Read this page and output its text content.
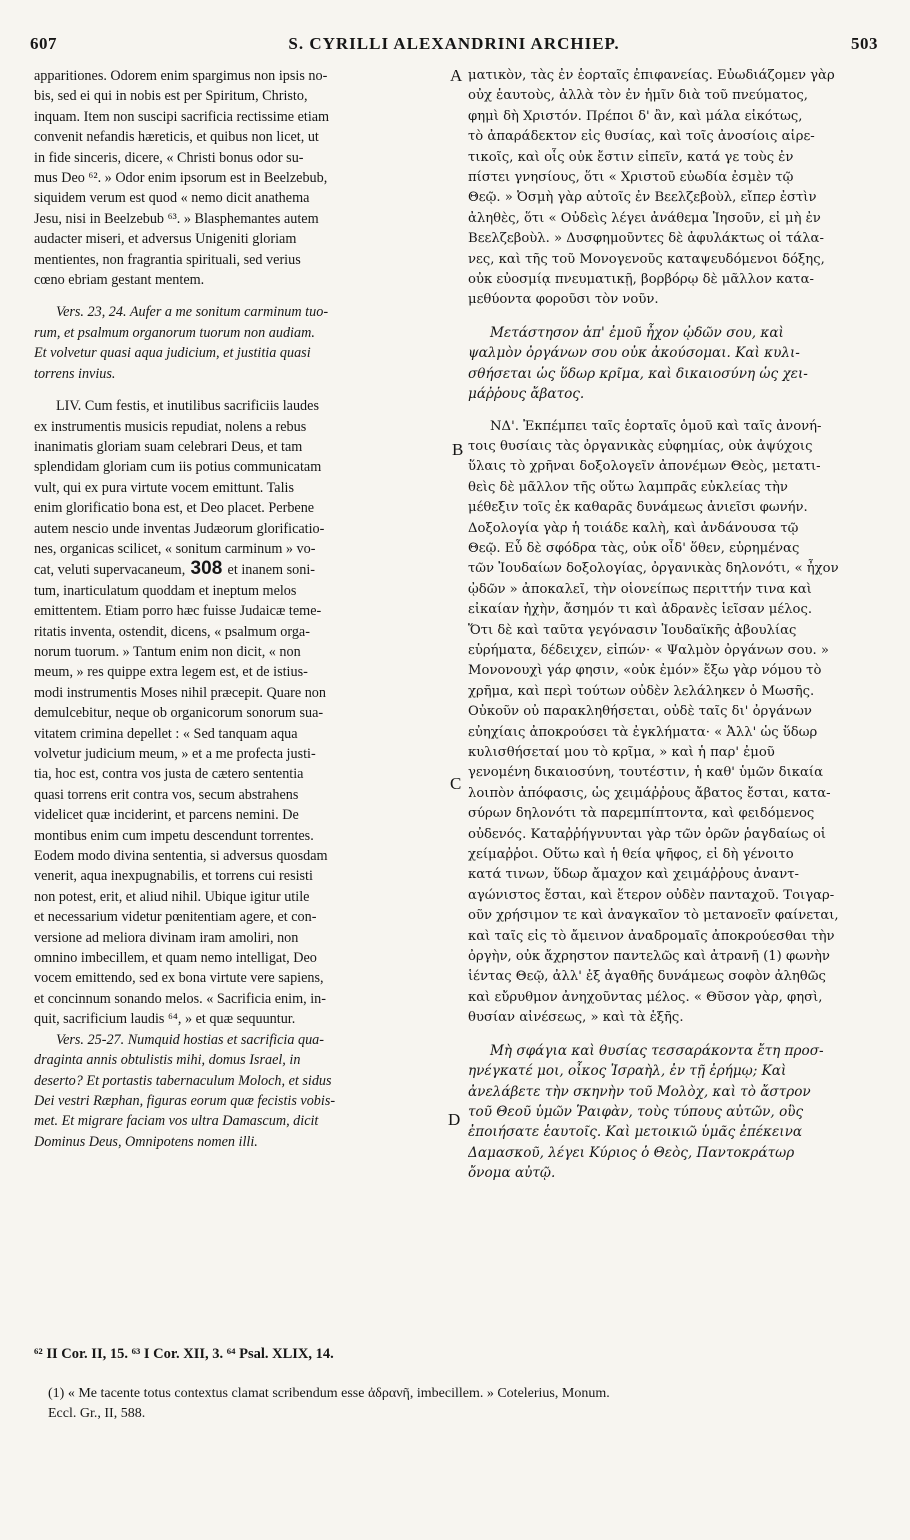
607	S. CYRILLI ALEXANDRINI ARCHIEP.	503
apparitiones. Odorem enim spargimus non ipsis no-
bis, sed ei qui in nobis est per Spiritum, Christo,
inquam. Item non suscipi sacrificia rectissime etiam
convenit nefandis hæreticis, et quibus non licet, ut
in fide sinceris, dicere, « Christi bonus odor su-
mus Deo ⁶². » Odor enim ipsorum est in Beelzebub,
siquidem verum est quod « nemo dicit anathema
Jesu, nisi in Beelzebub ⁶³. » Blasphemantes autem
audacter miseri, et adversus Unigeniti gloriam
mentientes, non fragrantia spirituali, sed verius
cœno ebriam gestant mentem.
Vers. 23, 24. Aufer a me sonitum carminum tuo-
rum, et psalmum organorum tuorum non audiam.
Et volvetur quasi aqua judicium, et justitia quasi
torrens invius.
LIV. Cum festis, et inutilibus sacrificiis laudes
ex instrumentis musicis repudiat, nolens a rebus
inanimatis gloriam suam celebrari Deus, et tam
splendidam gloriam cum iis potius communicatam
vult, qui ex pura virtute vocem emittunt. Talis
enim glorificatio bona est, et Deo placet. Perbene
autem nescio unde inventas Judæorum glorificatio-
nes, organicas scilicet, « sonitum carminum » vo-
cat, veluti supervacaneum, 308 et inanem soni-
tum, inarticulatum quoddam et ineptum melos
emittentem. Etiam porro hæc fuisse Judaicæ teme-
ritatis inventa, ostendit, dicens, « psalmum orga-
norum tuorum. » Tantum enim non dicit, « non
meum, » res quippe extra legem est, et de istius-
modi instrumentis Moses nihil præcepit. Quare non
demulcebitur, neque ob organicorum sonorum sua-
vitatem crimina depellet : « Sed tanquam aqua
volvetur judicium meum, » et a me profecta justi-
tia, hoc est, contra vos justa de cætero sententia
quasi torrens erit contra vos, secum abstrahens
videlicet quæ inciderint, et parcens nemini. De
montibus enim cum impetu descendunt torrentes.
Eodem modo divina sententia, si adversus quosdam
venerit, aqua inexpugnabilis, et torrens cui resisti
non potest, erit, et aliud nihil. Ubique igitur utile
et necessarium videtur pœnitentiam agere, et con-
versione ad meliora divinam iram amoliri, non
omnino imbecillem, et quam nemo intelligat, Deo
vocem emittendo, sed ex bona virtute vere sapiens,
et concinnum sonando melos. « Sacrificia enim, in-
quit, sacrificium laudis ⁶⁴, » et quæ sequuntur.
Vers. 25-27. Numquid hostias et sacrificia qua-
draginta annis obtulistis mihi, domus Israel, in
deserto? Et portastis tabernaculum Moloch, et sidus
Dei vestri Ræphan, figuras eorum quæ fecistis vobis-
met. Et migrare faciam vos ultra Damascum, dicit
Dominus Deus, Omnipotens nomen illi.
ματικὸν, τὰς ἐν ἑορταῖς ἐπιφανείας. Εὐωδιάζομεν γὰρ
οὐχ ἑαυτοὺς, ἀλλὰ τὸν ἐν ἡμῖν διὰ τοῦ πνεύματος,
φημὶ δὴ Χριστόν. Πρέποι δ' ἂν, καὶ μάλα εἰκότως,
τὸ ἀπαράδεκτον εἰς θυσίας, καὶ τοῖς ἀνοσίοις αἱρε-
τικοῖς, καὶ οἷς οὐκ ἔστιν εἰπεῖν, κατά γε τοὺς ἐν
πίστει γνησίους, ὅτι « Χριστοῦ εὐωδία ἐσμὲν τῷ
Θεῷ. » Ὀσμὴ γὰρ αὐτοῖς ἐν Βεελζεβοὺλ, εἴπερ ἐστὶν
ἀληθὲς, ὅτι « Οὐδεὶς λέγει ἀνάθεμα Ἰησοῦν, εἰ μὴ ἐν
Βεελζεβοὺλ. » Δυσφημοῦντες δὲ ἀφυλάκτως οἱ τάλα-
νες, καὶ τῆς τοῦ Μονογενοῦς καταψευδόμενοι δόξης,
οὐκ εὐοσμίᾳ πνευματικῇ, βορβόρῳ δὲ μᾶλλον κατα-
μεθύοντα φοροῦσι τὸν νοῦν.
Μετάστησον ἀπ' ἐμοῦ ἦχον ᾠδῶν σου, καὶ
ψαλμὸν ὀργάνων σου οὐκ ἀκούσομαι. Καὶ κυλι-
σθήσεται ὡς ὕδωρ κρῖμα, καὶ δικαιοσύνη ὡς χει-
μάῤῥους ἄβατος.
ΝΔ'. Ἐκπέμπει ταῖς ἑορταῖς ὁμοῦ καὶ ταῖς ἀνονή-
τοις θυσίαις τὰς ὀργανικὰς εὐφημίας, οὐκ ἀψύχοις
ὕλαις τὸ χρῆναι δοξολογεῖν ἀπονέμων Θεὸς, μετατι-
θεὶς δὲ μᾶλλον τῆς οὕτω λαμπρᾶς εὐκλείας τὴν
μέθεξιν τοῖς ἐκ καθαρᾶς δυνάμεως ἀνιεῖσι φωνήν.
Δοξολογία γὰρ ἡ τοιάδε καλὴ, καὶ ἀνδάνουσα τῷ
Θεῷ. Εὖ δὲ σφόδρα τὰς, οὐκ οἶδ' ὅθεν, εὑρημένας
τῶν Ἰουδαίων δοξολογίας, ὀργανικὰς δηλονότι, « ἦχον
ᾠδῶν » ἀποκαλεῖ, τὴν οἱονείπως περιττήν τινα καὶ
εἰκαίαν ἠχὴν, ἄσημόν τι καὶ ἀδρανὲς ἱεῖσαν μέλος.
Ὅτι δὲ καὶ ταῦτα γεγόνασιν Ἰουδαϊκῆς ἀβουλίας
εὑρήματα, δέδειχεν, εἰπών· « Ψαλμὸν ὀργάνων σου. »
Μονονουχὶ γάρ φησιν, «οὐκ ἐμόν» ἔξω γὰρ νόμου τὸ
χρῆμα, καὶ περὶ τούτων οὐδὲν λελάληκεν ὁ Μωσῆς.
Οὐκοῦν οὐ παρακληθήσεται, οὐδὲ ταῖς δι' ὀργάνων
εὐηχίαις ἀποκρούσει τὰ ἐγκλήματα· « Ἀλλ' ὡς ὕδωρ
κυλισθήσεταί μου τὸ κρῖμα, » καὶ ἡ παρ' ἐμοῦ
γενομένη δικαιοσύνη, τουτέστιν, ἡ καθ' ὑμῶν δικαία
λοιπὸν ἀπόφασις, ὡς χειμάῤῥους ἄβατος ἔσται, κατα-
σύρων δηλονότι τὰ παρεμπίπτοντα, καὶ φειδόμενος
οὐδενός. Καταῤῥήγνυνται γὰρ τῶν ὀρῶν ῥαγδαίως οἱ
χείμαῤῥοι. Οὕτω καὶ ἡ θεία ψῆφος, εἰ δὴ γένοιτο
κατά τινων, ὕδωρ ἄμαχον καὶ χειμάῤῥους ἀναντ-
αγώνιστος ἔσται, καὶ ἕτερον οὐδὲν πανταχοῦ. Τοιγαρ-
οῦν χρήσιμον τε καὶ ἀναγκαῖον τὸ μετανοεῖν φαίνεται,
καὶ ταῖς εἰς τὸ ἄμεινον ἀναδρομαῖς ἀποκρούεσθαι τὴν
ὀργὴν, οὐκ ἄχρηστον παντελῶς καὶ ἀτρανῆ (1) φωνὴν
ἱέντας Θεῷ, ἀλλ' ἐξ ἀγαθῆς δυνάμεως σοφὸν ἀληθῶς
καὶ εὔρυθμον ἀνηχοῦντας μέλος. « Θῦσον γὰρ, φησὶ,
θυσίαν αἰνέσεως, » καὶ τὰ ἑξῆς.
Μὴ σφάγια καὶ θυσίας τεσσαράκοντα ἔτη προσ-
ηνέγκατέ μοι, οἶκος Ἰσραὴλ, ἐν τῇ ἐρήμῳ; Καὶ
ἀνελάβετε τὴν σκηνὴν τοῦ Μολὸχ, καὶ τὸ ἄστρον
τοῦ Θεοῦ ὑμῶν Ῥαιφὰν, τοὺς τύπους αὐτῶν, οὓς
ἐποιήσατε ἑαυτοῖς. Καὶ μετοικιῶ ὑμᾶς ἐπέκεινα
Δαμασκοῦ, λέγει Κύριος ὁ Θεὸς, Παντοκράτωρ
ὄνομα αὐτῷ.
A
B
C
D
⁶² II Cor. II, 15. ⁶³ I Cor. XII, 3. ⁶⁴ Psal. XLIX, 14.
(1) « Me tacente totus contextus clamat scribendum esse ἀδρανῆ, imbecillem. » Cotelerius, Monum.
Eccl. Gr., II, 588.
